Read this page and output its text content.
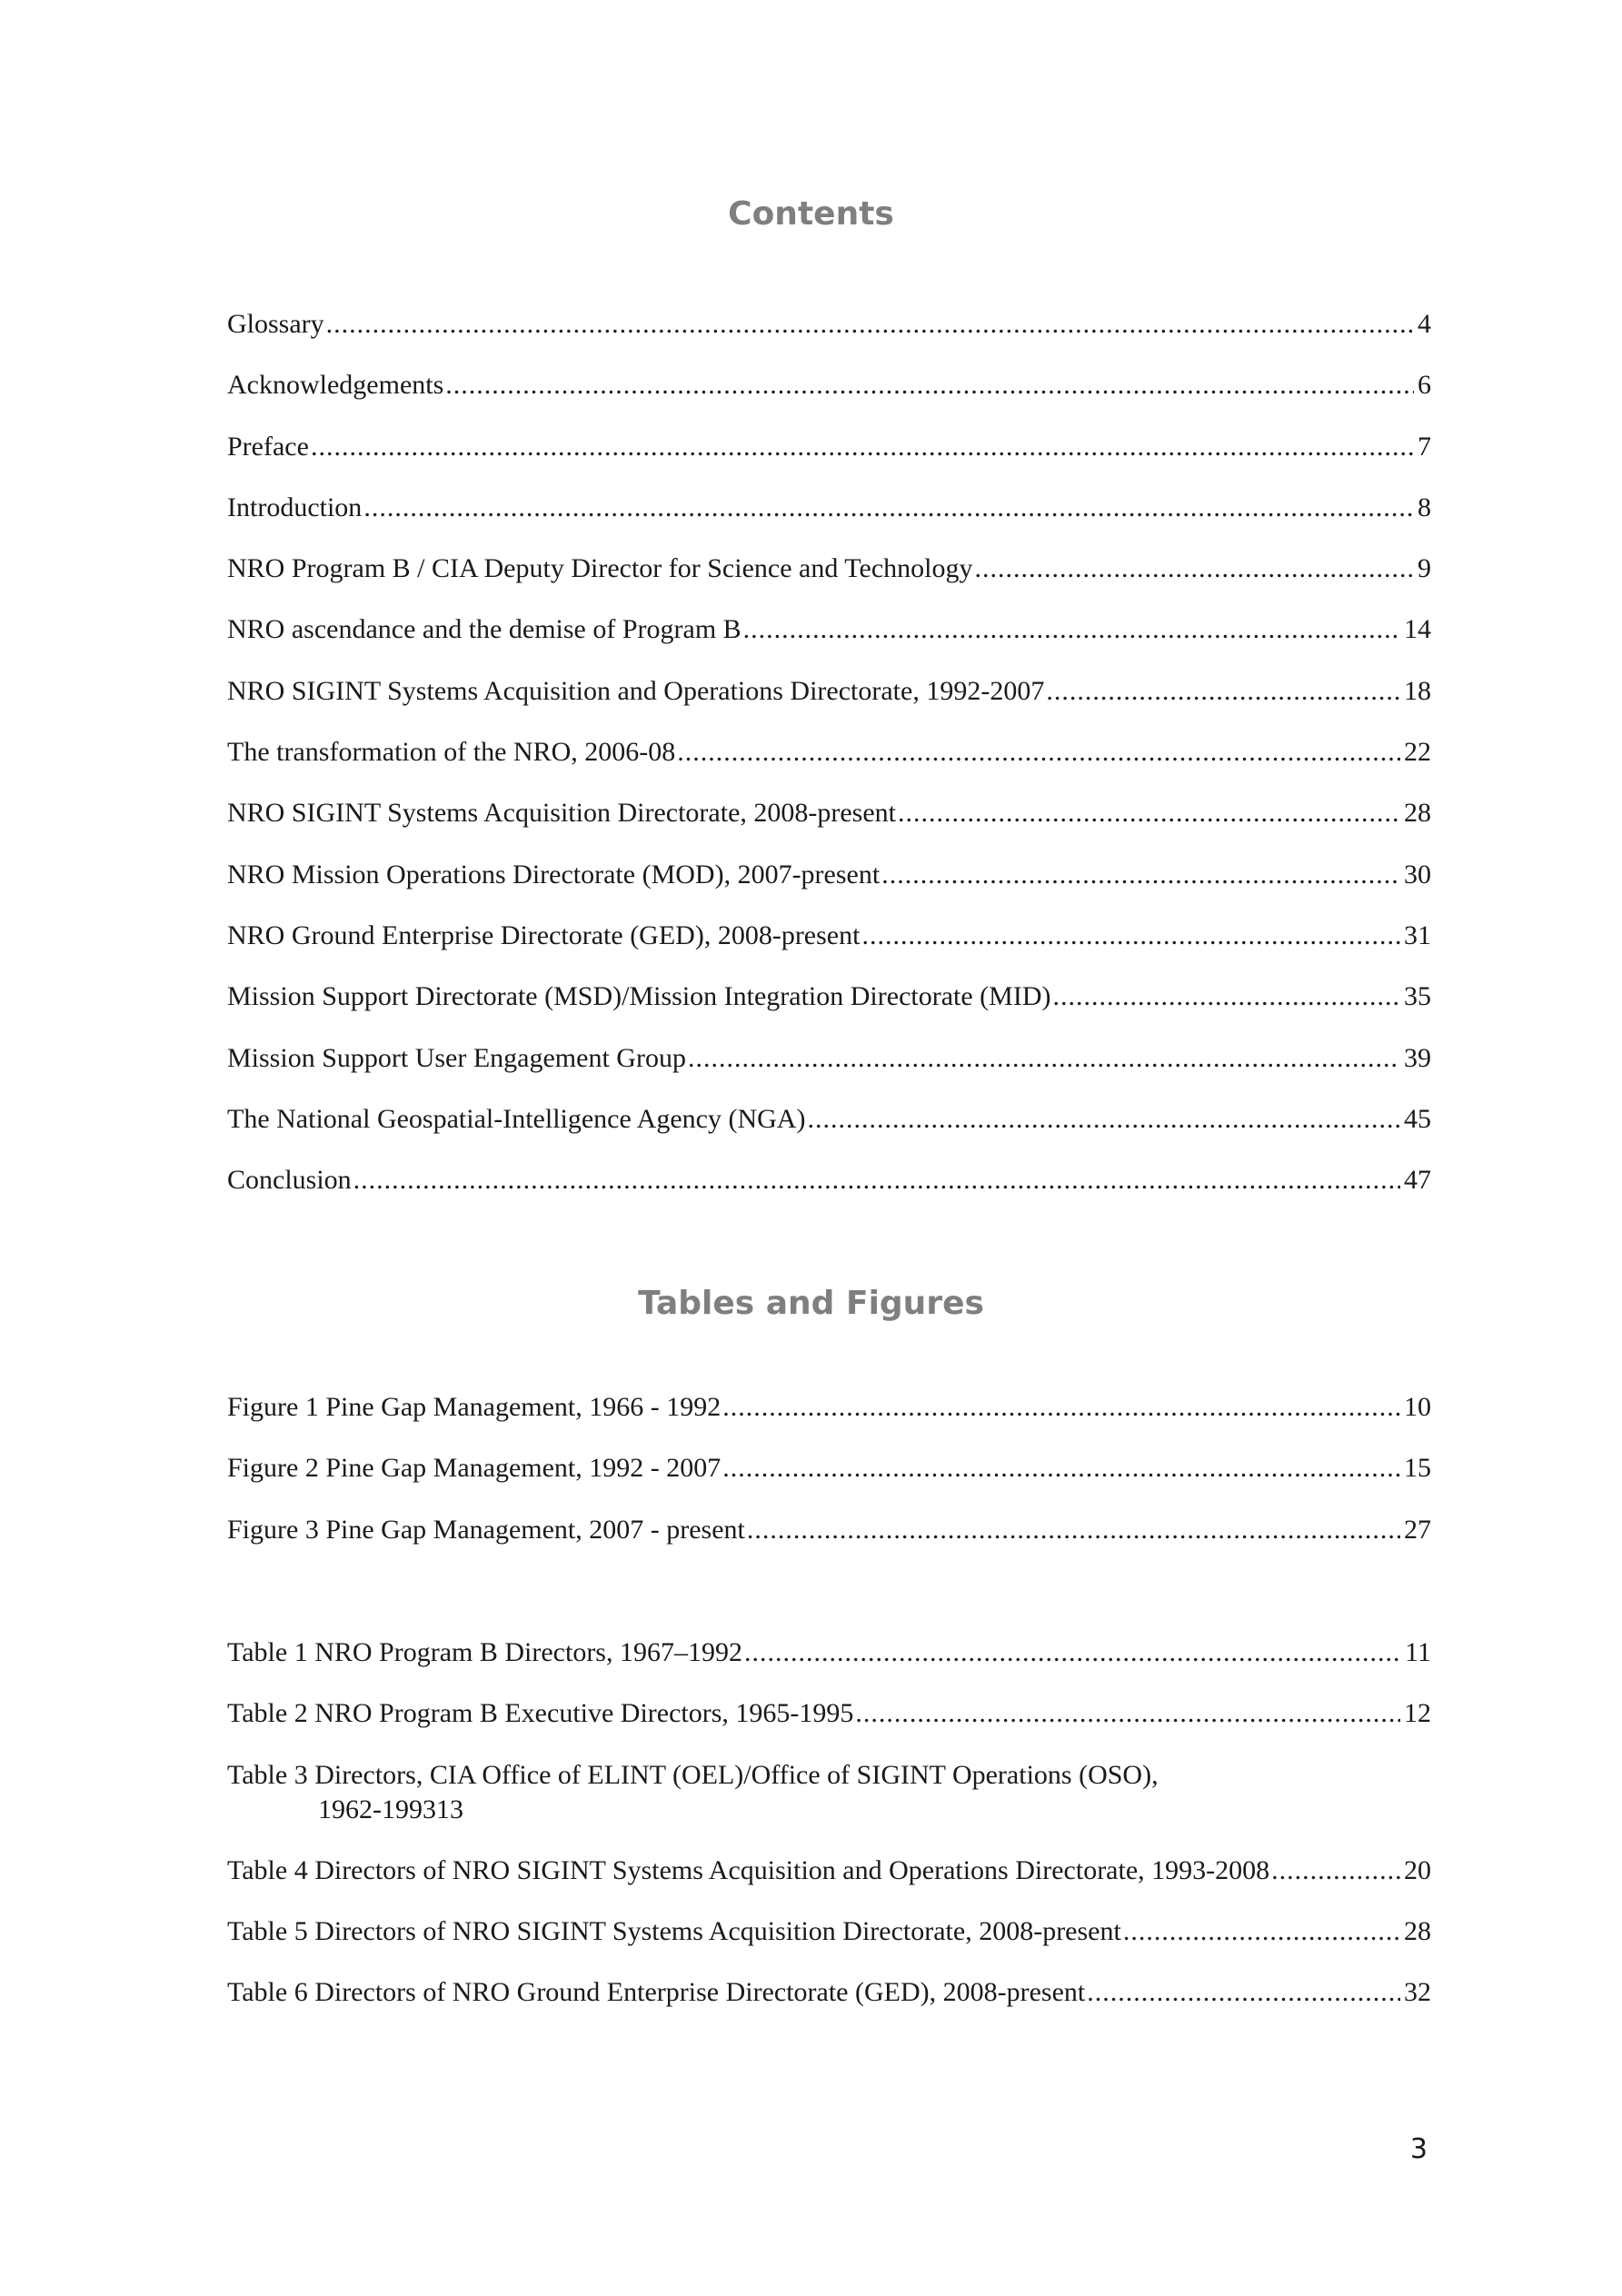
Contents
Glossary .....	4
Acknowledgements .....	6
Preface .....	7
Introduction .....	8
NRO Program B / CIA Deputy Director for Science and Technology .....	9
NRO ascendance and the demise of Program B .....	14
NRO SIGINT Systems Acquisition and Operations Directorate, 1992-2007 .....	18
The transformation of the NRO, 2006-08 .....	22
NRO SIGINT Systems Acquisition Directorate, 2008-present .....	28
NRO Mission Operations Directorate (MOD), 2007-present .....	30
NRO Ground Enterprise Directorate (GED), 2008-present .....	31
Mission Support Directorate (MSD)/Mission Integration Directorate (MID) .....	35
Mission Support User Engagement Group .....	39
The National Geospatial-Intelligence Agency (NGA) .....	45
Conclusion .....	47
Tables and Figures
Figure 1 Pine Gap Management, 1966 - 1992 .....	10
Figure 2 Pine Gap Management, 1992 - 2007 .....	15
Figure 3 Pine Gap Management, 2007 - present .....	27
Table 1 NRO Program B Directors, 1967–1992 .....	11
Table 2 NRO Program B Executive Directors, 1965-1995 .....	12
Table 3 Directors, CIA Office of ELINT (OEL)/Office of SIGINT Operations (OSO),
1962-1993 13
Table 4 Directors of NRO SIGINT Systems Acquisition and Operations Directorate, 1993-2008 .....	20
Table 5 Directors of NRO SIGINT Systems Acquisition Directorate, 2008-present .....	28
Table 6 Directors of NRO Ground Enterprise Directorate (GED), 2008-present .....	32
3
